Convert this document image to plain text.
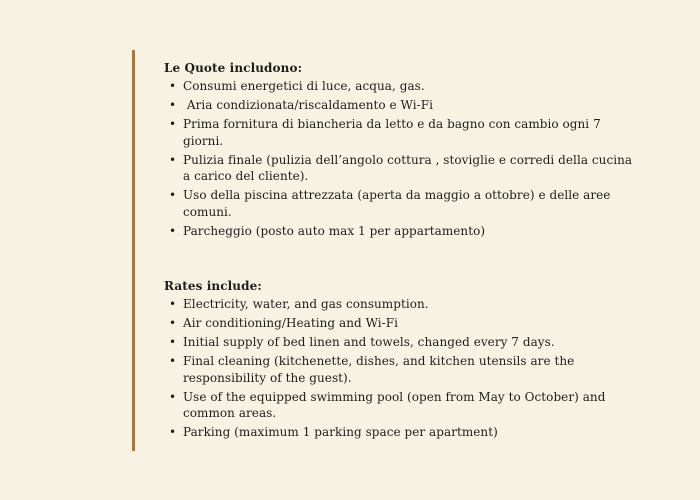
Le Quote includono:
• Consumi energetici di luce, acqua, gas.
• Aria condizionata/riscaldamento e Wi-Fi
• Prima fornitura di biancheria da letto e da bagno con cambio ogni 7 giorni.
• Pulizia finale (pulizia dell’angolo cottura , stoviglie e corredi della cucina a carico del cliente).
• Uso della piscina attrezzata (aperta da maggio a ottobre) e delle aree comuni.
• Parcheggio (posto auto max 1 per appartamento)
Rates include:
• Electricity, water, and gas consumption.
• Air conditioning/Heating and Wi-Fi
• Initial supply of bed linen and towels, changed every 7 days.
• Final cleaning (kitchenette, dishes, and kitchen utensils are the responsibility of the guest).
• Use of the equipped swimming pool (open from May to October) and common areas.
• Parking (maximum 1 parking space per apartment)
